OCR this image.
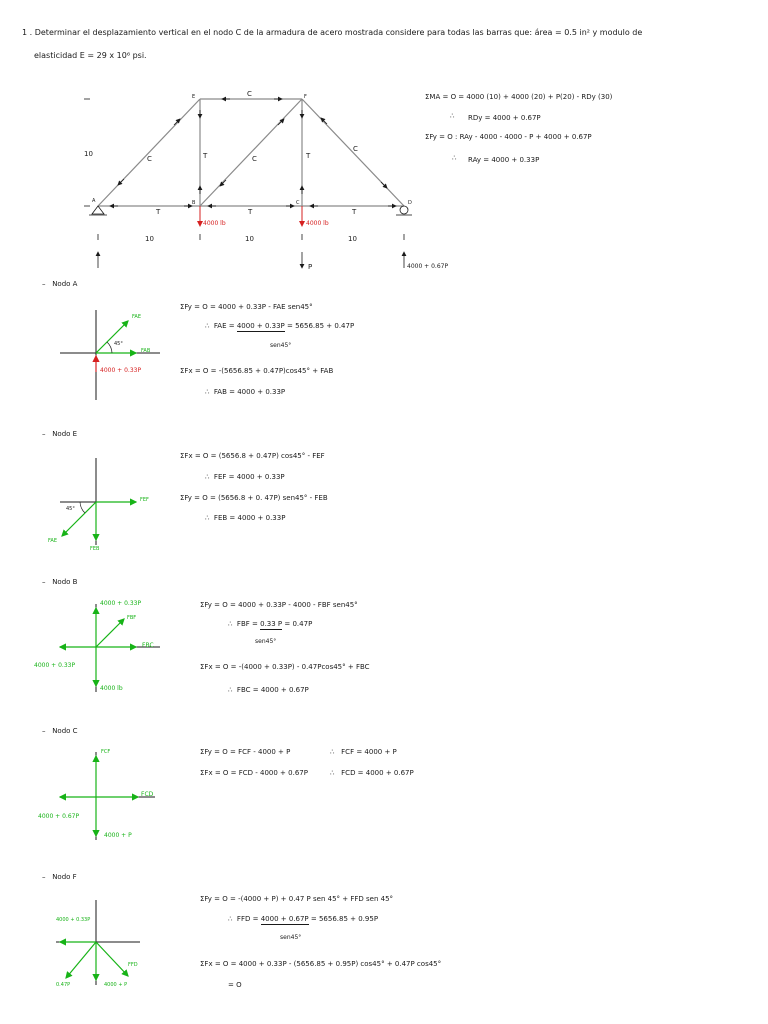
1 . Determinar el desplazamiento vertical en el nodo C de la armadura de acero mostrada considere para todas las barras que: área = 0.5 in² y modulo de
elasticidad E = 29 x 10⁶ psi.
E	F
A	B	C	D
10
10	10	10
C
C	C
C
T	T
T	T	T
4000 lb	4000 lb
P	4000 + 0.67P
ΣMA = O = 4000 (10) + 4000 (20) + P(20) - RDy (30)
∴ RDy = 4000 + 0.67P
ΣFy = O : RAy - 4000 - 4000 - P + 4000 + 0.67P
∴ RAy = 4000 + 0.33P
–   Nodo A
FAE
45°
FAB
4000 + 0.33P
ΣFy = O = 4000 + 0.33P - FAE sen45°
∴ FAE = 4000 + 0.33P = 5656.85 + 0.47P
sen45°
ΣFx = O = -(5656.85 + 0.47P)cos45° + FAB
∴ FAB = 4000 + 0.33P
–   Nodo E
FEF
45°
FAE
FEB
ΣFx = O = (5656.8 + 0.47P) cos45° - FEF
∴ FEF = 4000 + 0.33P
ΣFy = O = (5656.8 + 0. 47P) sen45° - FEB
∴ FEB = 4000 + 0.33P
–   Nodo B
4000 + 0.33P
FBF
FBC
4000 + 0.33P
4000 lb
ΣFy = O = 4000 + 0.33P - 4000 - FBF sen45°
∴ FBF = 0.33 P = 0.47P
sen45°
ΣFx = O = -(4000 + 0.33P) - 0.47Pcos45° + FBC
∴ FBC = 4000 + 0.67P
–   Nodo C
FCF
FCD
4000 + 0.67P
4000 + P
ΣFy = O = FCF - 4000 + P	∴ FCF = 4000 + P
ΣFx = O = FCD - 4000 + 0.67P	∴ FCD = 4000 + 0.67P
–   Nodo F
4000 + 0.33P
FFD
0.47P	4000 + P
ΣFy = O = -(4000 + P) + 0.47 P sen 45° + FFD sen 45°
∴ FFD = 4000 + 0.67P = 5656.85 + 0.95P
sen45°
ΣFx = O = 4000 + 0.33P - (5656.85 + 0.95P) cos45° + 0.47P cos45°
= O
